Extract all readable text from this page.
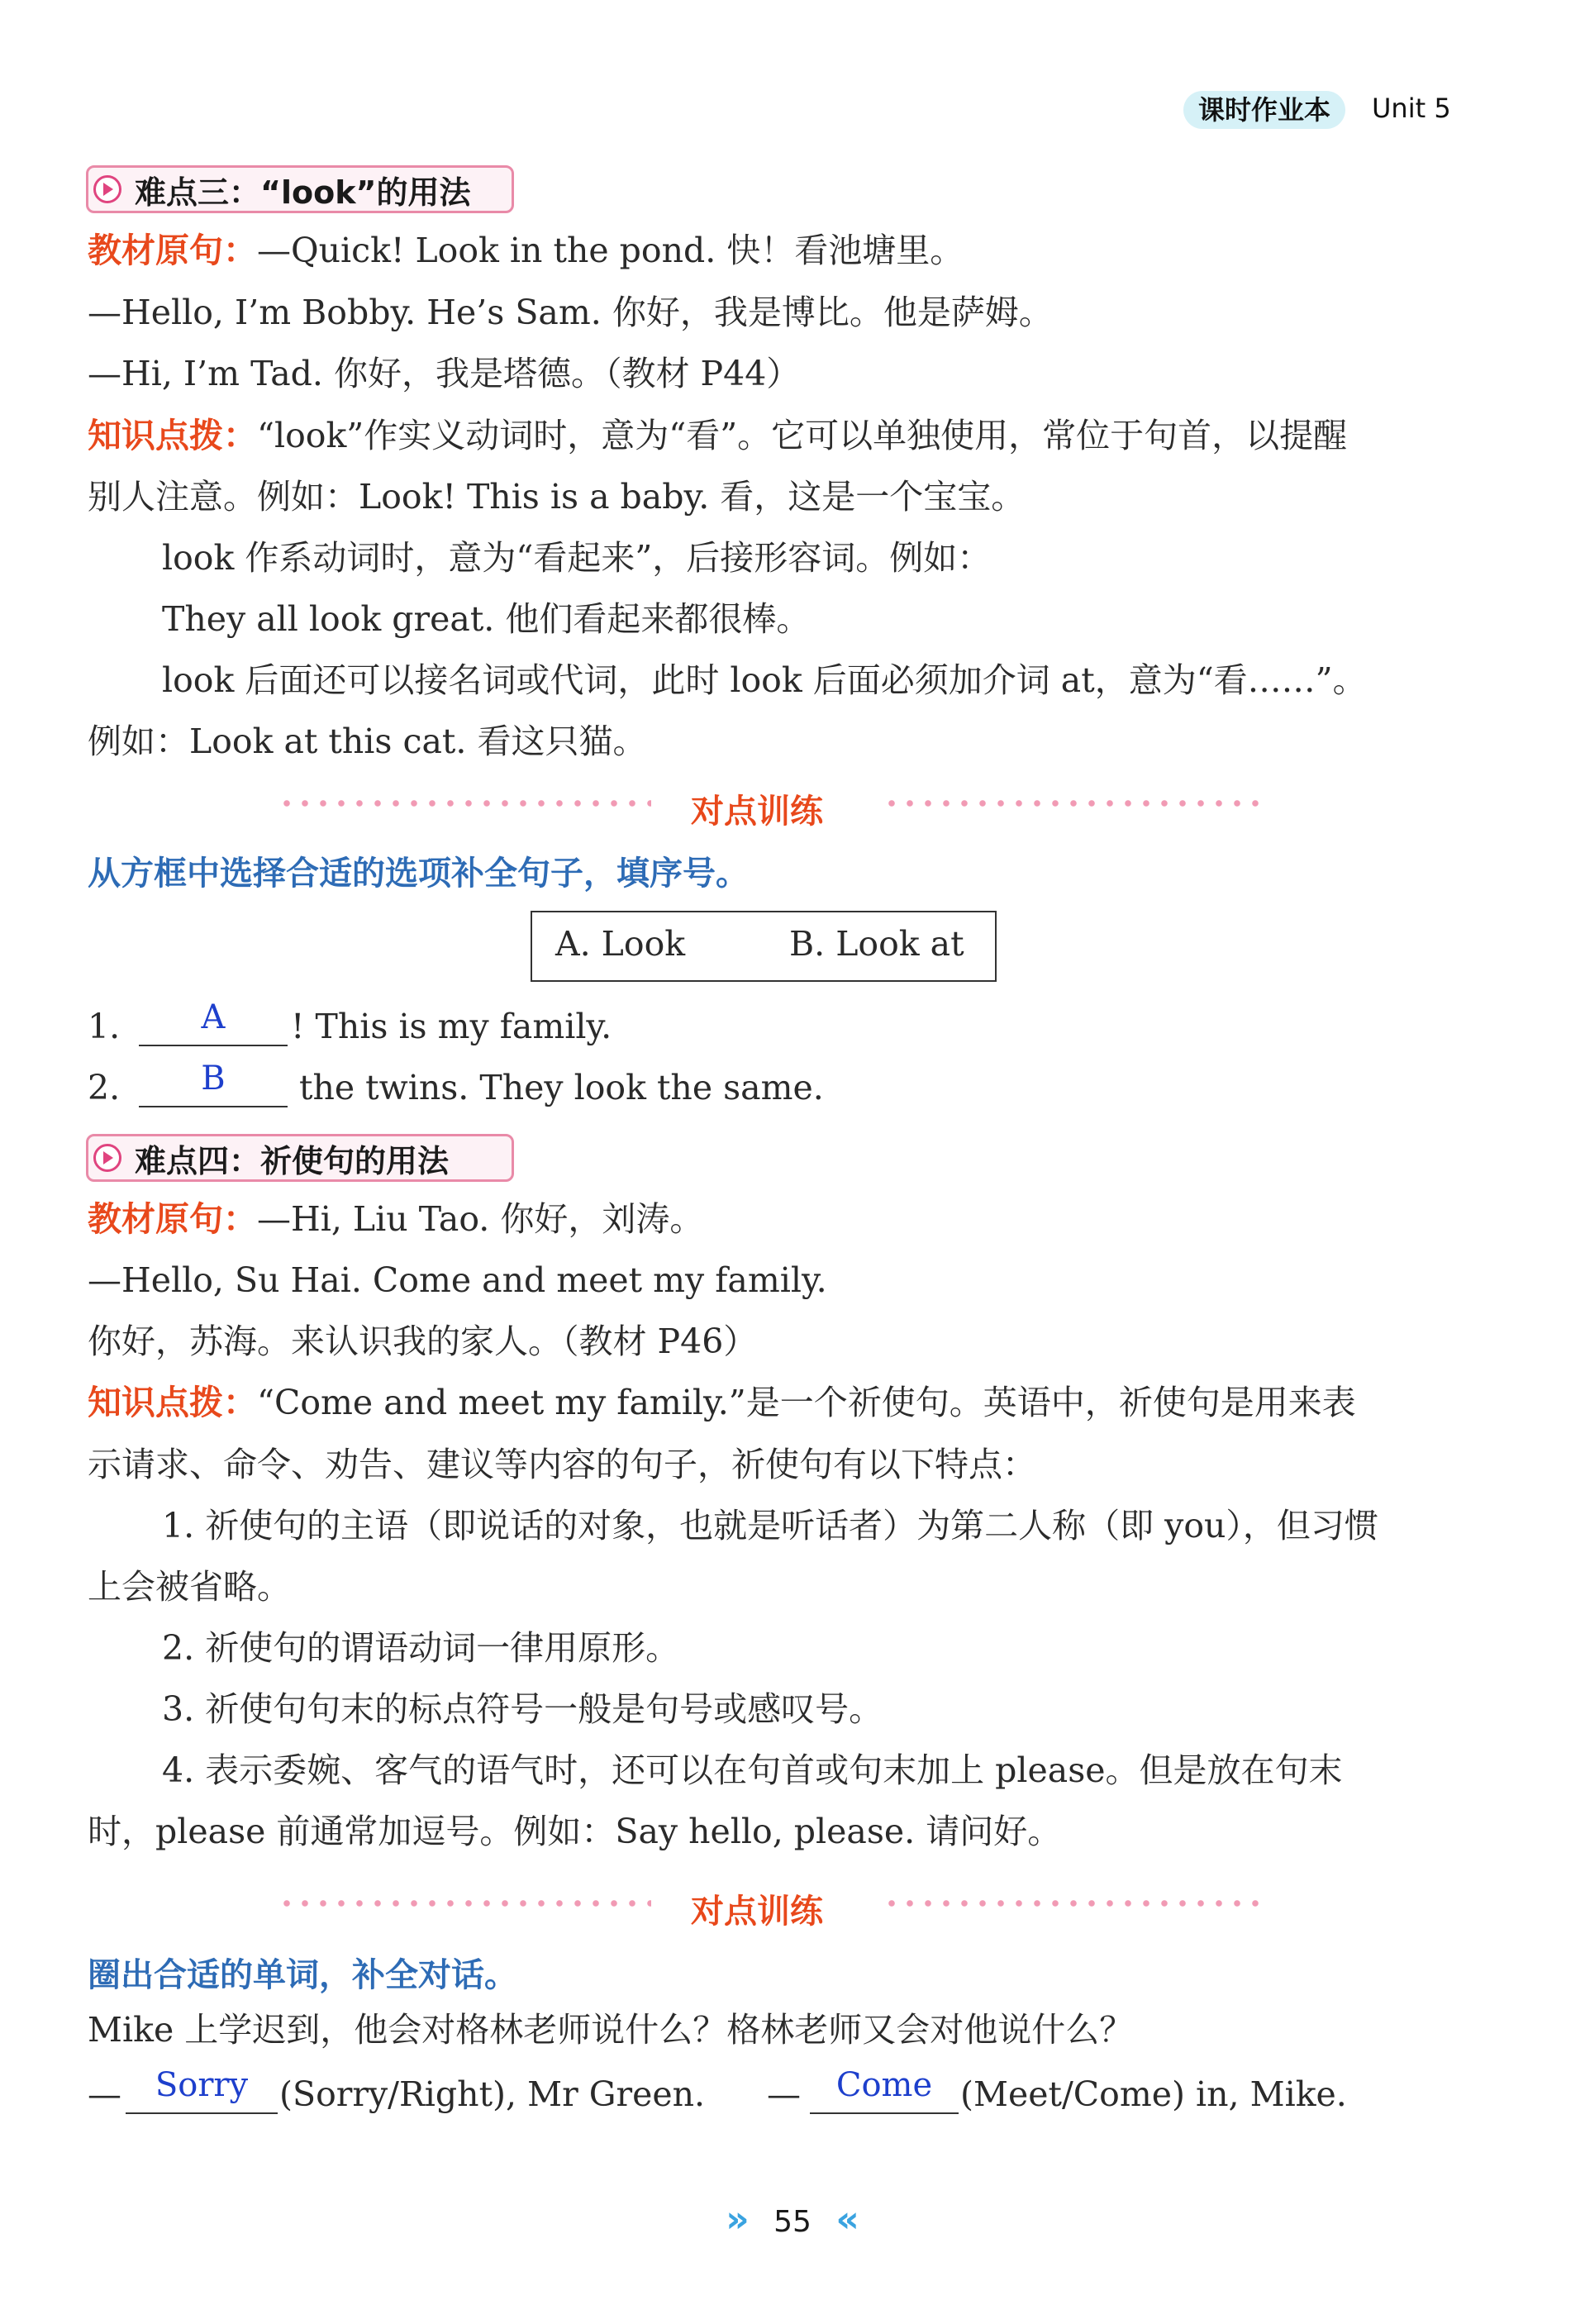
课时作业本	Unit 5
难点三：“look”的用法
教材原句：—Quick! Look in the pond. 快！看池塘里。
—Hello, I’m Bobby. He’s Sam. 你好，我是博比。他是萨姆。
—Hi, I’m Tad. 你好，我是塔德。（教材 P44）
知识点拨：“look”作实义动词时，意为“看”。它可以单独使用，常位于句首，以提醒
别人注意。例如：Look! This is a baby. 看，这是一个宝宝。
look 作系动词时，意为“看起来”，后接形容词。例如：
They all look great. 他们看起来都很棒。
look 后面还可以接名词或代词，此时 look 后面必须加介词 at，意为“看……”。
例如：Look at this cat. 看这只猫。
对点训练
从方框中选择合适的选项补全句子，填序号。
A. Look	B. Look at
1.	A	! This is my family.
2.	B	the twins. They look the same.
难点四：祈使句的用法
教材原句：—Hi, Liu Tao. 你好，刘涛。
—Hello, Su Hai. Come and meet my family.
你好，苏海。来认识我的家人。（教材 P46）
知识点拨：“Come and meet my family.”是一个祈使句。英语中，祈使句是用来表
示请求、命令、劝告、建议等内容的句子，祈使句有以下特点：
1. 祈使句的主语（即说话的对象，也就是听话者）为第二人称（即 you），但习惯
上会被省略。
2. 祈使句的谓语动词一律用原形。
3. 祈使句句末的标点符号一般是句号或感叹号。
4. 表示委婉、客气的语气时，还可以在句首或句末加上 please。但是放在句末
时，please 前通常加逗号。例如：Say hello, please. 请问好。
对点训练
圈出合适的单词，补全对话。
Mike 上学迟到，他会对格林老师说什么？格林老师又会对他说什么？
—	Sorry (Sorry/Right), Mr Green. —	Come (Meet/Come) in, Mike.
» 55 «
